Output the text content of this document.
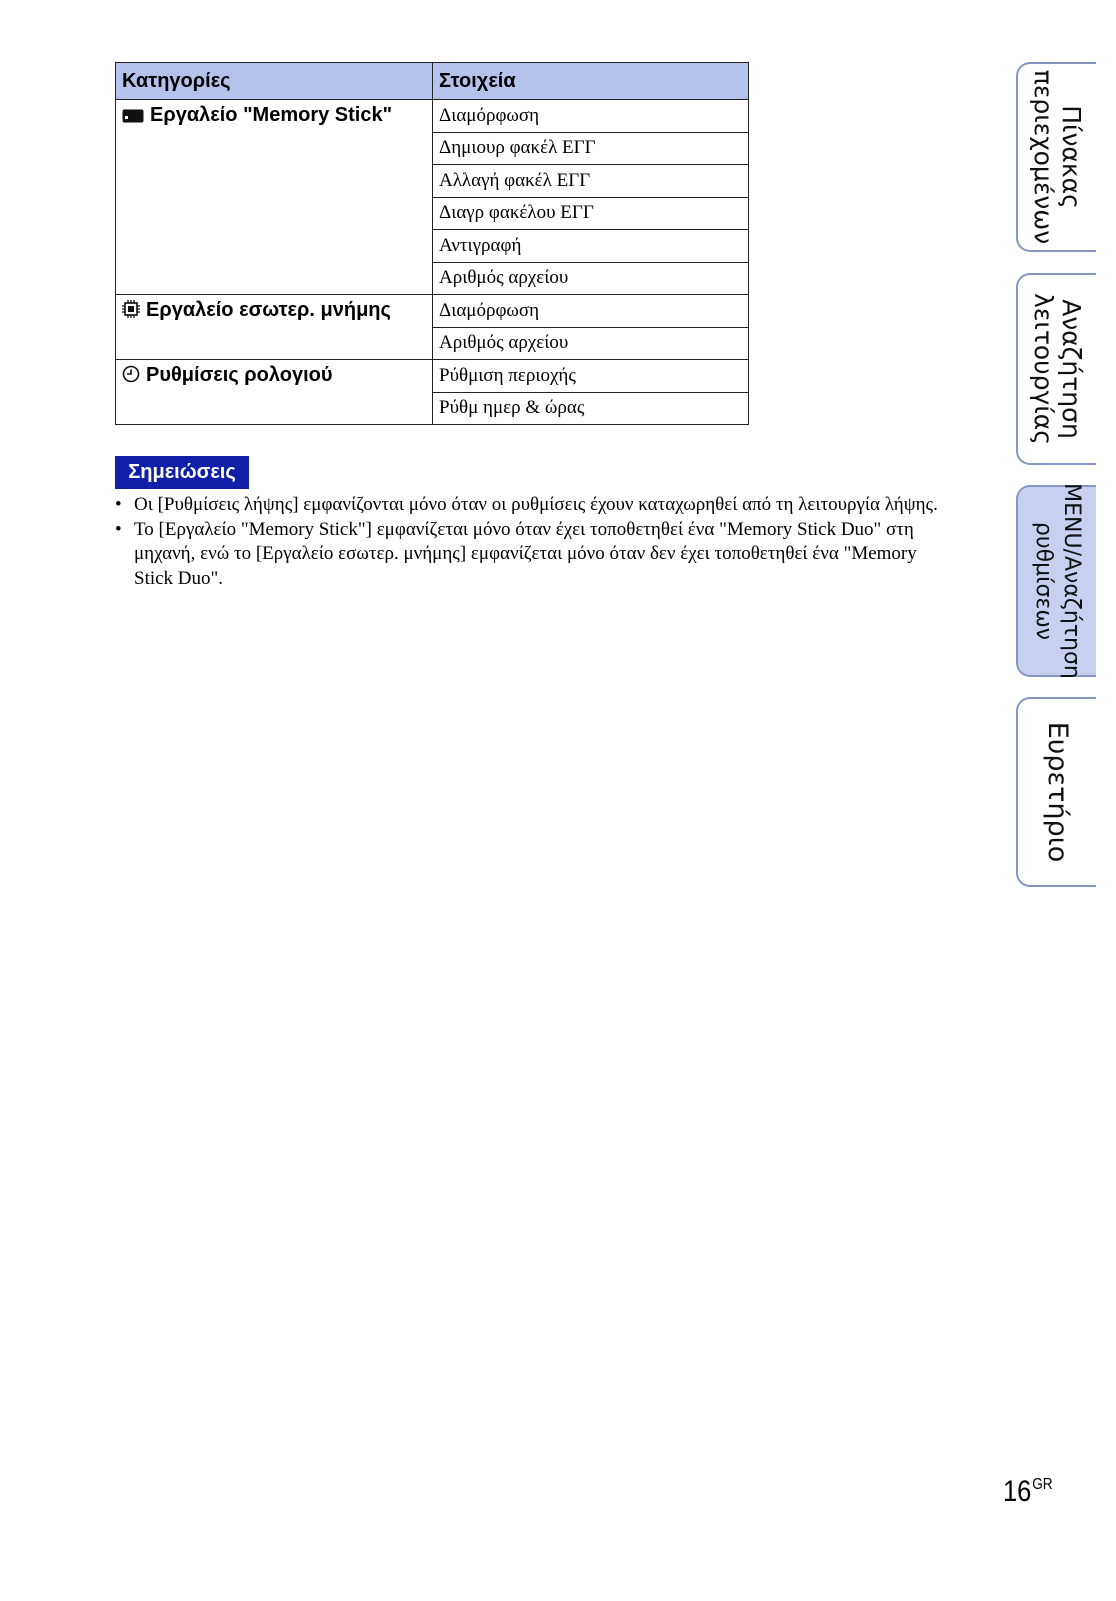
Κατηγορίες	Στοιχεία
Εργαλείο "Memory Stick"	Διαμόρφωση
	Δημιουρ φακέλ ΕΓΓ
	Αλλαγή φακέλ ΕΓΓ
	Διαγρ φακέλου ΕΓΓ
	Αντιγραφή
	Αριθμός αρχείου
Εργαλείο εσωτερ. μνήμης	Διαμόρφωση
	Αριθμός αρχείου
Ρυθμίσεις ρολογιού	Ρύθμιση περιοχής
	Ρύθμ ημερ & ώρας
Σημειώσεις
• Οι [Ρυθμίσεις λήψης] εμφανίζονται μόνο όταν οι ρυθμίσεις έχουν καταχωρηθεί από τη λειτουργία λήψης.
• Το [Εργαλείο "Memory Stick"] εμφανίζεται μόνο όταν έχει τοποθετηθεί ένα "Memory Stick Duo" στη μηχανή, ενώ το [Εργαλείο εσωτερ. μνήμης] εμφανίζεται μόνο όταν δεν έχει τοποθετηθεί ένα "Memory Stick Duo".
Πίνακας
περιεχομένων
Αναζήτηση
λειτουργίας
MENU/Αναζήτηση
ρυθμίσεων
Ευρετήριο
$16^{GR}$
